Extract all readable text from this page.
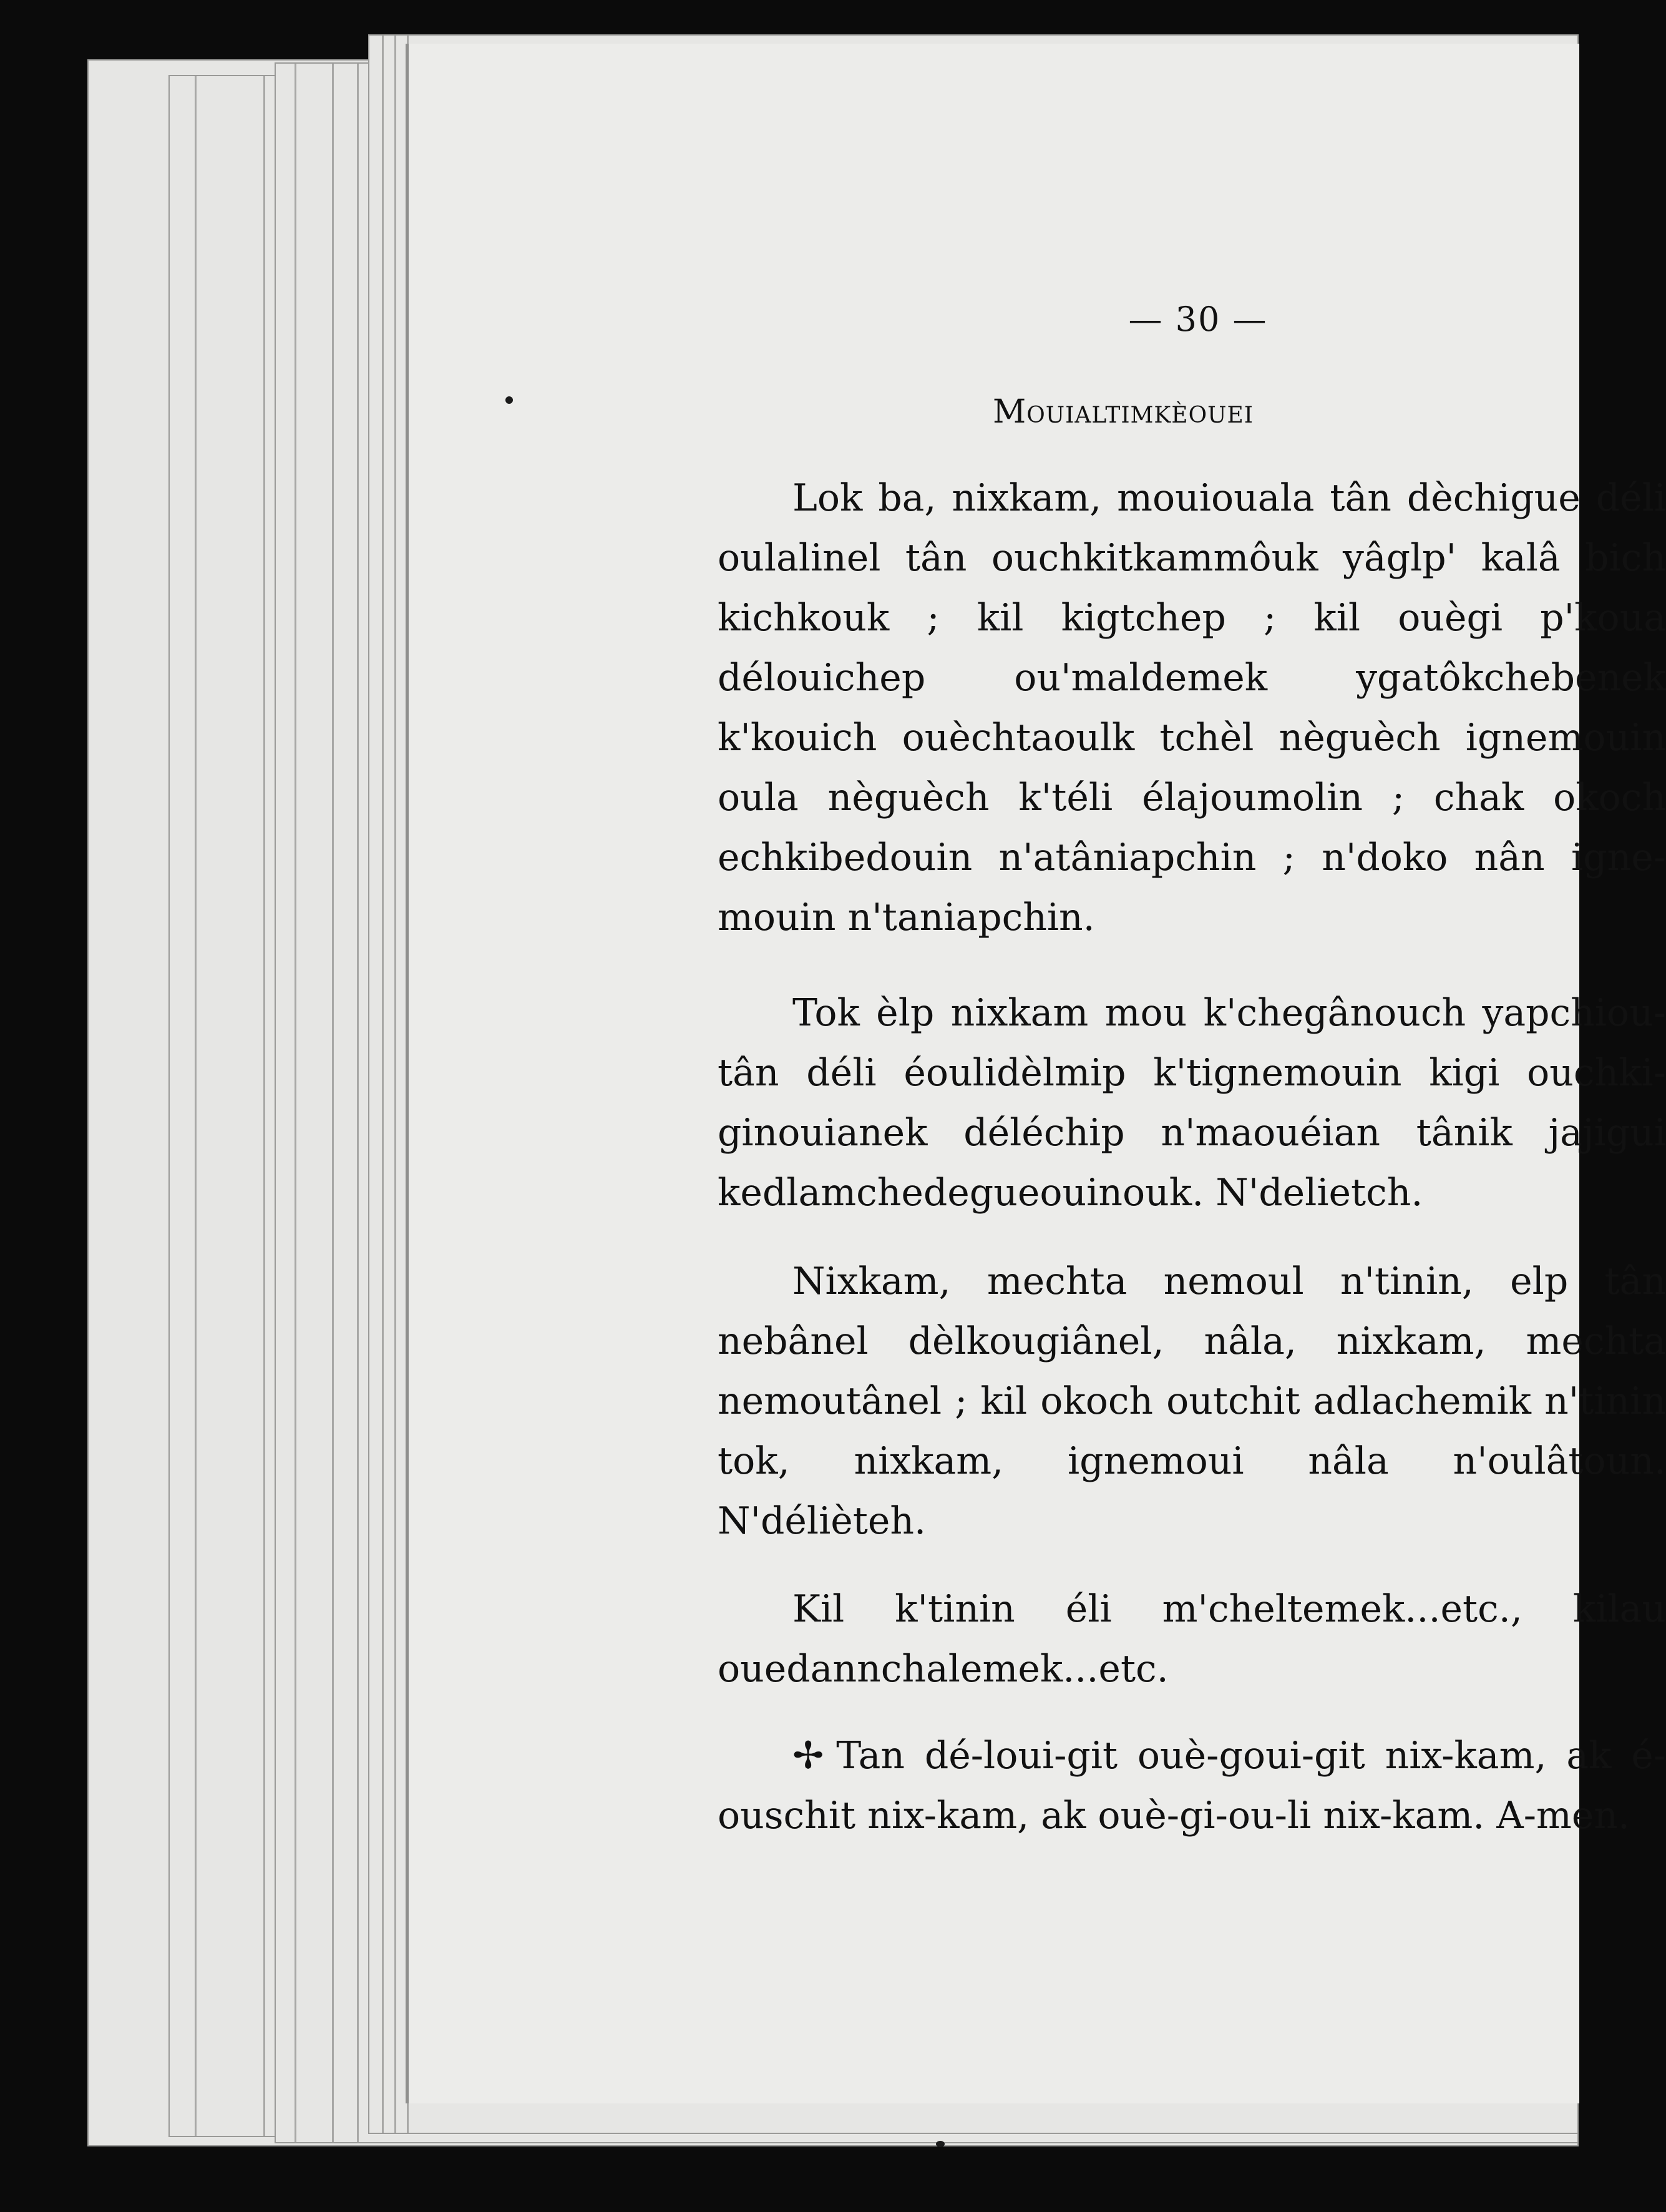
— 30 —
Mouialtimkèouei

Lok ba, nixkam, mouiouala tân dèchigue déli oulalinel tân ouchkitkammôuk yâglp' kalâ bich kichkouk ; kil kigtchep ; kil ouègi p'koua délouichep ou'maldemek ygatôkchebenek k'kouich ouèchtaoulk tchèl nèguèch ignemouin oula nèguèch k'téli élajoumolin ; chak okoch echkibedouin n'atâniapchin ; n'doko nân igne- mouin n'taniapchin.

Tok èlp nixkam mou k'chegânouch yapchiou- tân déli éoulidèlmip k'tignemouin kigi ouchki- ginouianek déléchip n'maouéian tânik jajigui kedlamchedegueouinouk. N'delietch.

Nixkam, mechta nemoul n'tinin, elp tân nebânel dèlkougiânel, nâla, nixkam, mechta nemoutânel ; kil okoch outchit adlachemik n'tinin tok, nixkam, ignemoui nâla n'oulâtoun. N'délièteh.

Kil k'tinin éli m'cheltemek...etc., kilau ouedannchalemek...etc.

✢ Tan dé-loui-git ouè-goui-git nix-kam, ak é- ouschit nix-kam, ak ouè-gi-ou-li nix-kam. A-men.
